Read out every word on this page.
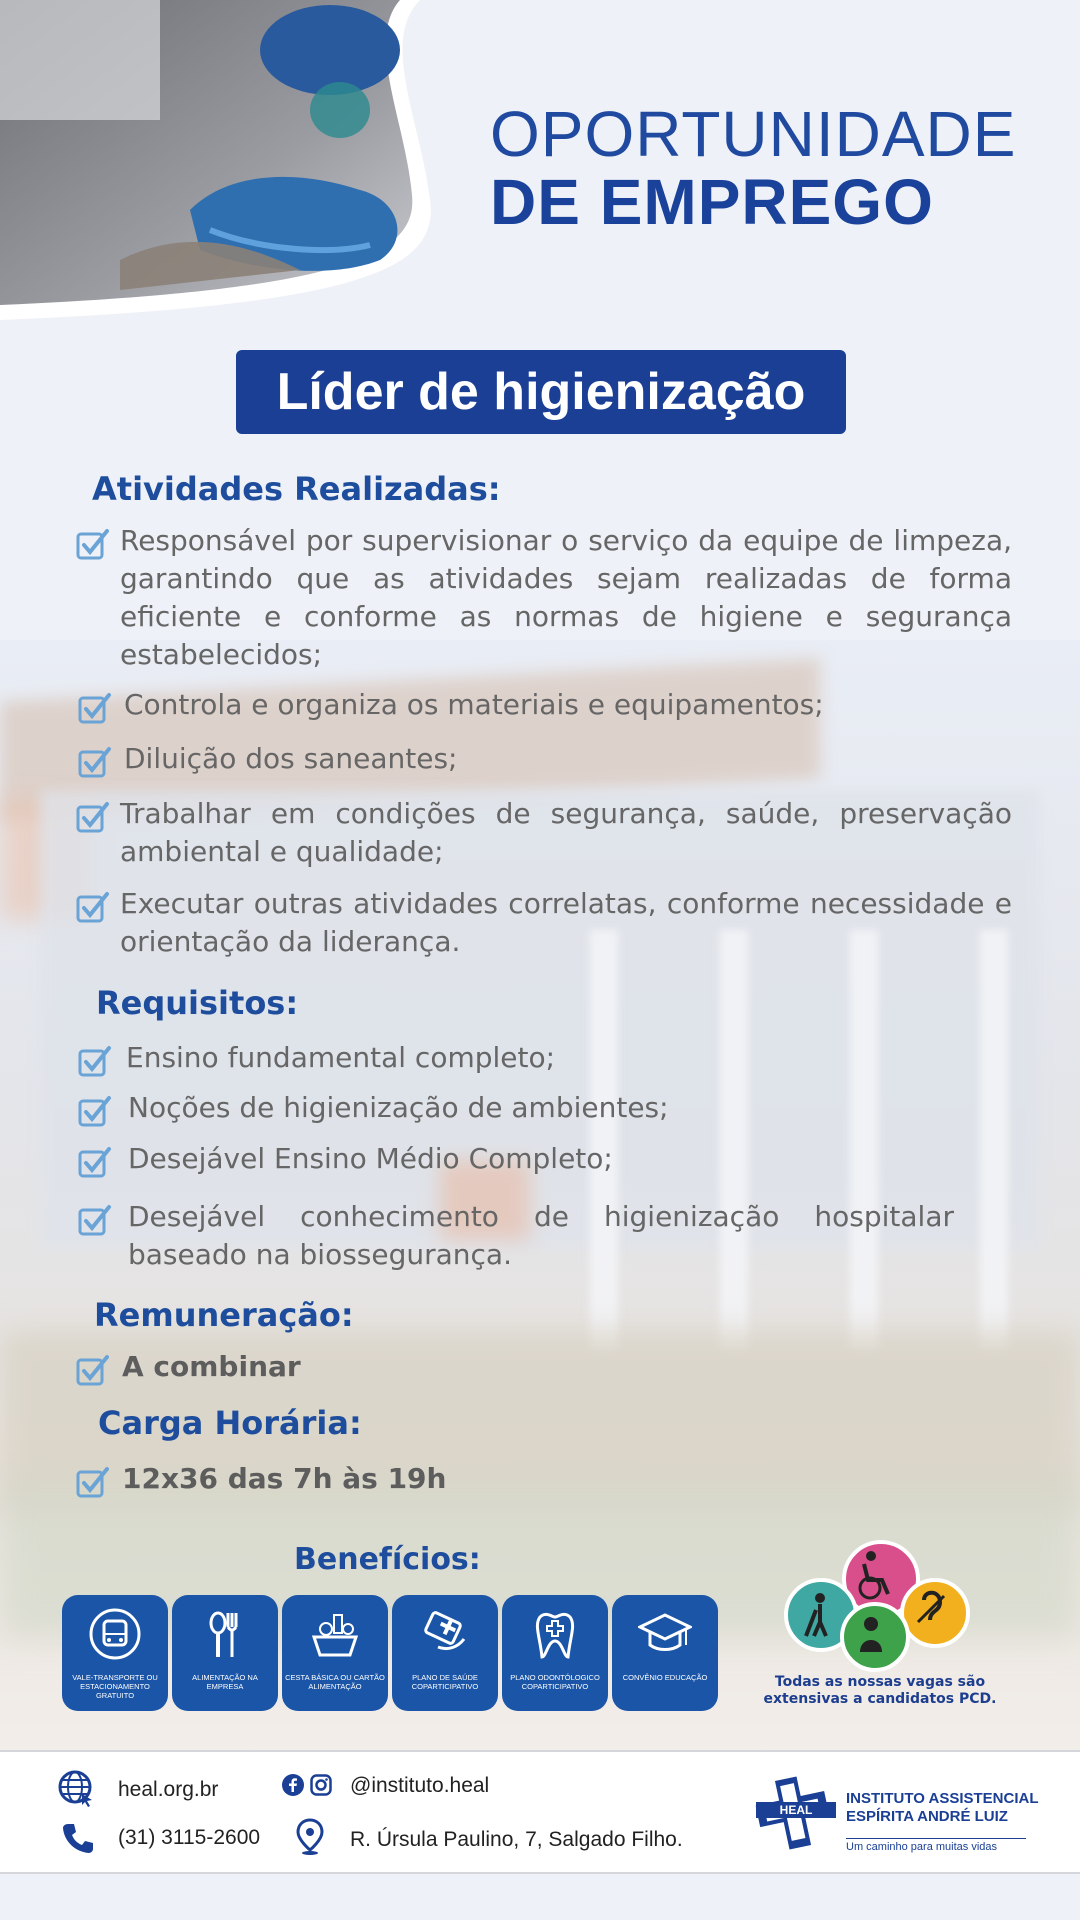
OPORTUNIDADE
DE EMPREGO
Líder de higienização
Atividades Realizadas:
Responsável por supervisionar o serviço da equipe de limpeza, garantindo que as atividades sejam realizadas de forma eficiente e conforme as normas de higiene e segurança estabelecidos;
Controla e organiza os materiais e equipamentos;
Diluição dos saneantes;
Trabalhar em condições de segurança, saúde, preservação ambiental e qualidade;
Executar outras atividades correlatas, conforme necessidade e orientação da liderança.
Requisitos:
Ensino fundamental completo;
Noções de higienização de ambientes;
Desejável Ensino Médio Completo;
Desejável conhecimento de higienização hospitalar baseado na biossegurança.
Remuneração:
A combinar
Carga Horária:
12x36 das 7h às 19h
Benefícios:
VALE-TRANSPORTE OU ESTACIONAMENTO GRATUITO
ALIMENTAÇÃO NA EMPRESA
CESTA BÁSICA OU CARTÃO ALIMENTAÇÃO
PLANO DE SAÚDE COPARTICIPATIVO
PLANO ODONTÓLOGICO COPARTICIPATIVO
CONVÊNIO EDUCAÇÃO	Todas as nossas vagas são extensivas a candidatos PCD.
heal.org.br
(31) 3115-2600
@instituto.heal
R. Úrsula Paulino, 7, Salgado Filho.
HEAL
INSTITUTO ASSISTENCIAL
ESPÍRITA ANDRÉ LUIZ
Um caminho para muitas vidas
